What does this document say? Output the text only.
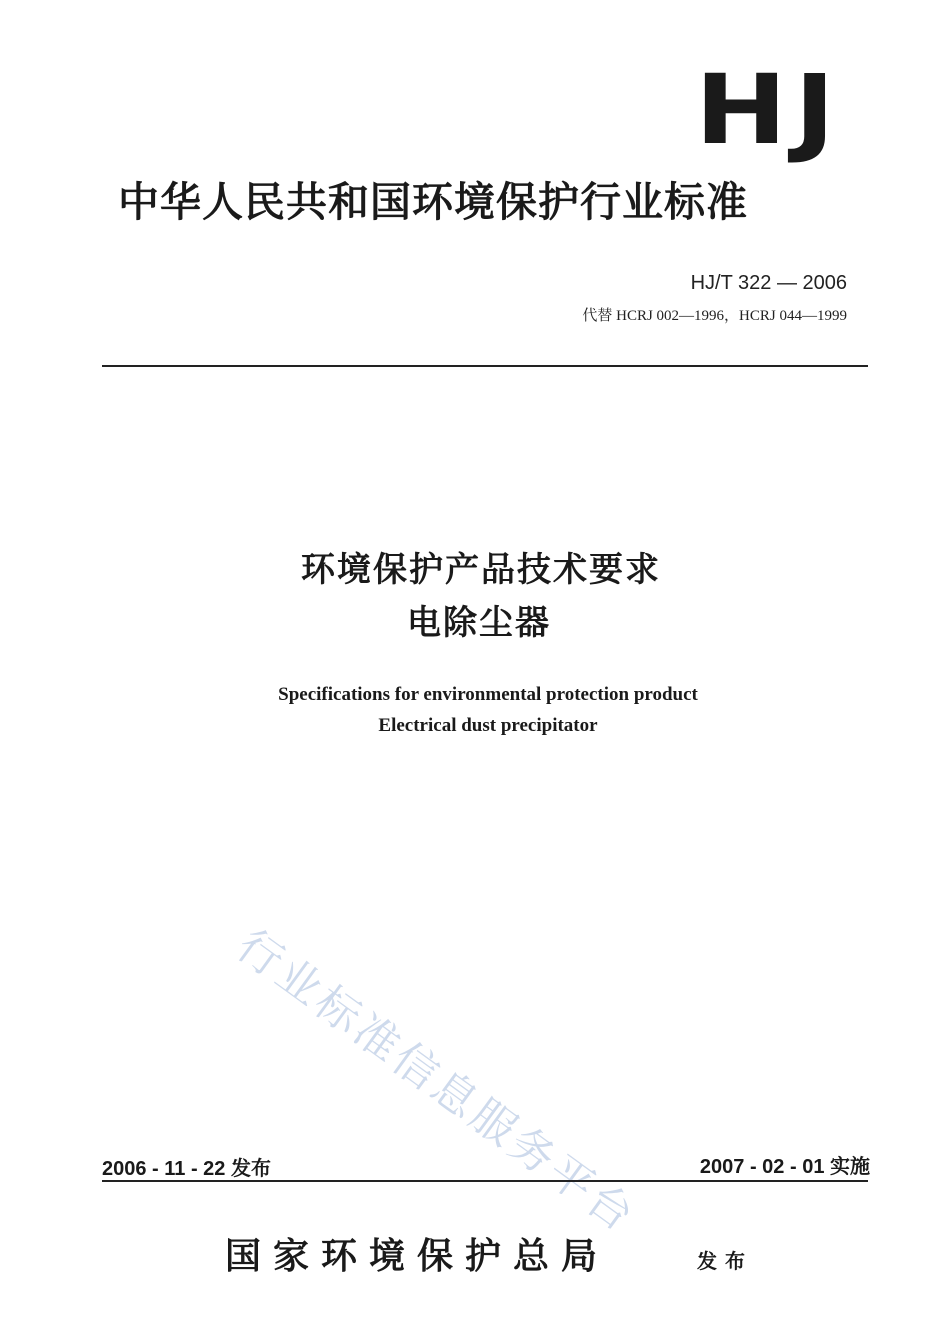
HJ
中华人民共和国环境保护行业标准
HJ/T 322 — 2006
代替 HCRJ 002—1996，HCRJ 044—1999
环境保护产品技术要求
电除尘器
Specifications for environmental protection product
Electrical dust precipitator
行业标准信息服务平台
2006 - 11 - 22 发布	2007 - 02 - 01 实施
国家环境保护总局	发布
